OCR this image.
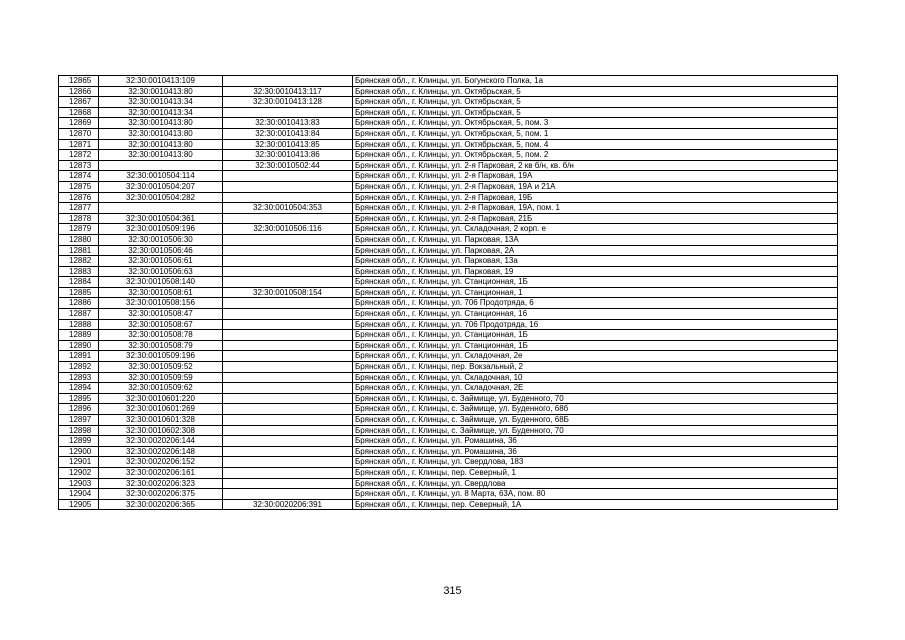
12865	32:30:0010413:109		Брянская обл., г. Клинцы, ул. Богунского Полка, 1а
12866	32:30:0010413:80	32:30:0010413:117	Брянская обл., г. Клинцы, ул. Октябрьская, 5
12867	32:30:0010413:34	32:30:0010413:128	Брянская обл., г. Клинцы, ул. Октябрьская, 5
12868	32:30:0010413:34		Брянская обл., г. Клинцы, ул. Октябрьская, 5
12869	32:30:0010413:80	32:30:0010413:83	Брянская обл., г. Клинцы, ул. Октябрьская, 5, пом. 3
12870	32:30:0010413:80	32:30:0010413:84	Брянская обл., г. Клинцы, ул. Октябрьская, 5, пом. 1
12871	32:30:0010413:80	32:30:0010413:85	Брянская обл., г. Клинцы, ул. Октябрьская, 5, пом. 4
12872	32:30:0010413:80	32:30:0010413:86	Брянская обл., г. Клинцы, ул. Октябрьская, 5, пом. 2
12873		32:30:0010502:44	Брянская обл., г. Клинцы, ул. 2-я Парковая, 2 кв б/н, кв. б/н
12874	32:30:0010504:114		Брянская обл., г. Клинцы, ул. 2-я Парковая, 19А
12875	32:30:0010504:207		Брянская обл., г. Клинцы, ул. 2-я Парковая, 19А и 21А
12876	32:30:0010504:282		Брянская обл., г. Клинцы, ул. 2-я Парковая, 19Б
12877		32:30:0010504:353	Брянская обл., г. Клинцы, ул. 2-я Парковая, 19А, пом. 1
12878	32:30:0010504:361		Брянская обл., г. Клинцы, ул. 2-я Парковая, 21Б
12879	32:30:0010509:196	32:30:0010506:116	Брянская обл., г. Клинцы, ул. Складочная, 2 корп. е
12880	32:30:0010506:30		Брянская обл., г. Клинцы, ул. Парковая, 13А
12881	32:30:0010506:46		Брянская обл., г. Клинцы, ул. Парковая, 2А
12882	32:30:0010506:61		Брянская обл., г. Клинцы, ул. Парковая, 13а
12883	32:30:0010506:63		Брянская обл., г. Клинцы, ул. Парковая, 19
12884	32:30:0010508:140		Брянская обл., г. Клинцы, ул. Станционная, 1Б
12885	32:30:0010508:61	32:30:0010508:154	Брянская обл., г. Клинцы, ул. Станционная, 1
12886	32:30:0010508:156		Брянская обл., г. Клинцы, ул. 706 Продотряда, 6
12887	32:30:0010508:47		Брянская обл., г. Клинцы, ул. Станционная, 16
12888	32:30:0010508:67		Брянская обл., г. Клинцы, ул. 706 Продотряда, 16
12889	32:30:0010508:78		Брянская обл., г. Клинцы, ул. Станционная, 1Б
12890	32:30:0010508:79		Брянская обл., г. Клинцы, ул. Станционная, 1Б
12891	32:30:0010509:196		Брянская обл., г. Клинцы, ул. Складочная, 2е
12892	32:30:0010509:52		Брянская обл., г. Клинцы, пер. Вокзальный, 2
12893	32:30:0010509:59		Брянская обл., г. Клинцы, ул. Складочная, 10
12894	32:30:0010509:62		Брянская обл., г. Клинцы, ул. Складочная, 2Е
12895	32:30:0010601:220		Брянская обл., г. Клинцы, с. Займище, ул. Буденного, 70
12896	32:30:0010601:269		Брянская обл., г. Клинцы, с. Займище, ул. Буденного, 68б
12897	32:30:0010601:328		Брянская обл., г. Клинцы, с. Займище, ул. Буденного, 68Б
12898	32:30:0010602:308		Брянская обл., г. Клинцы, с. Займище, ул. Буденного, 70
12899	32:30:0020206:144		Брянская обл., г. Клинцы, ул. Ромашина, 36
12900	32:30:0020206:148		Брянская обл., г. Клинцы, ул. Ромашина, 36
12901	32:30:0020206:152		Брянская обл., г. Клинцы, ул. Свердлова, 183
12902	32:30:0020206:161		Брянская обл., г. Клинцы, пер. Северный, 1
12903	32:30:0020206:323		Брянская обл., г. Клинцы, ул. Свердлова
12904	32:30:0020206:375		Брянская обл., г. Клинцы, ул. 8 Марта, 63А, пом. 80
12905	32:30:0020206:365	32:30:0020206:391	Брянская обл., г. Клинцы, пер. Северный, 1А
315
